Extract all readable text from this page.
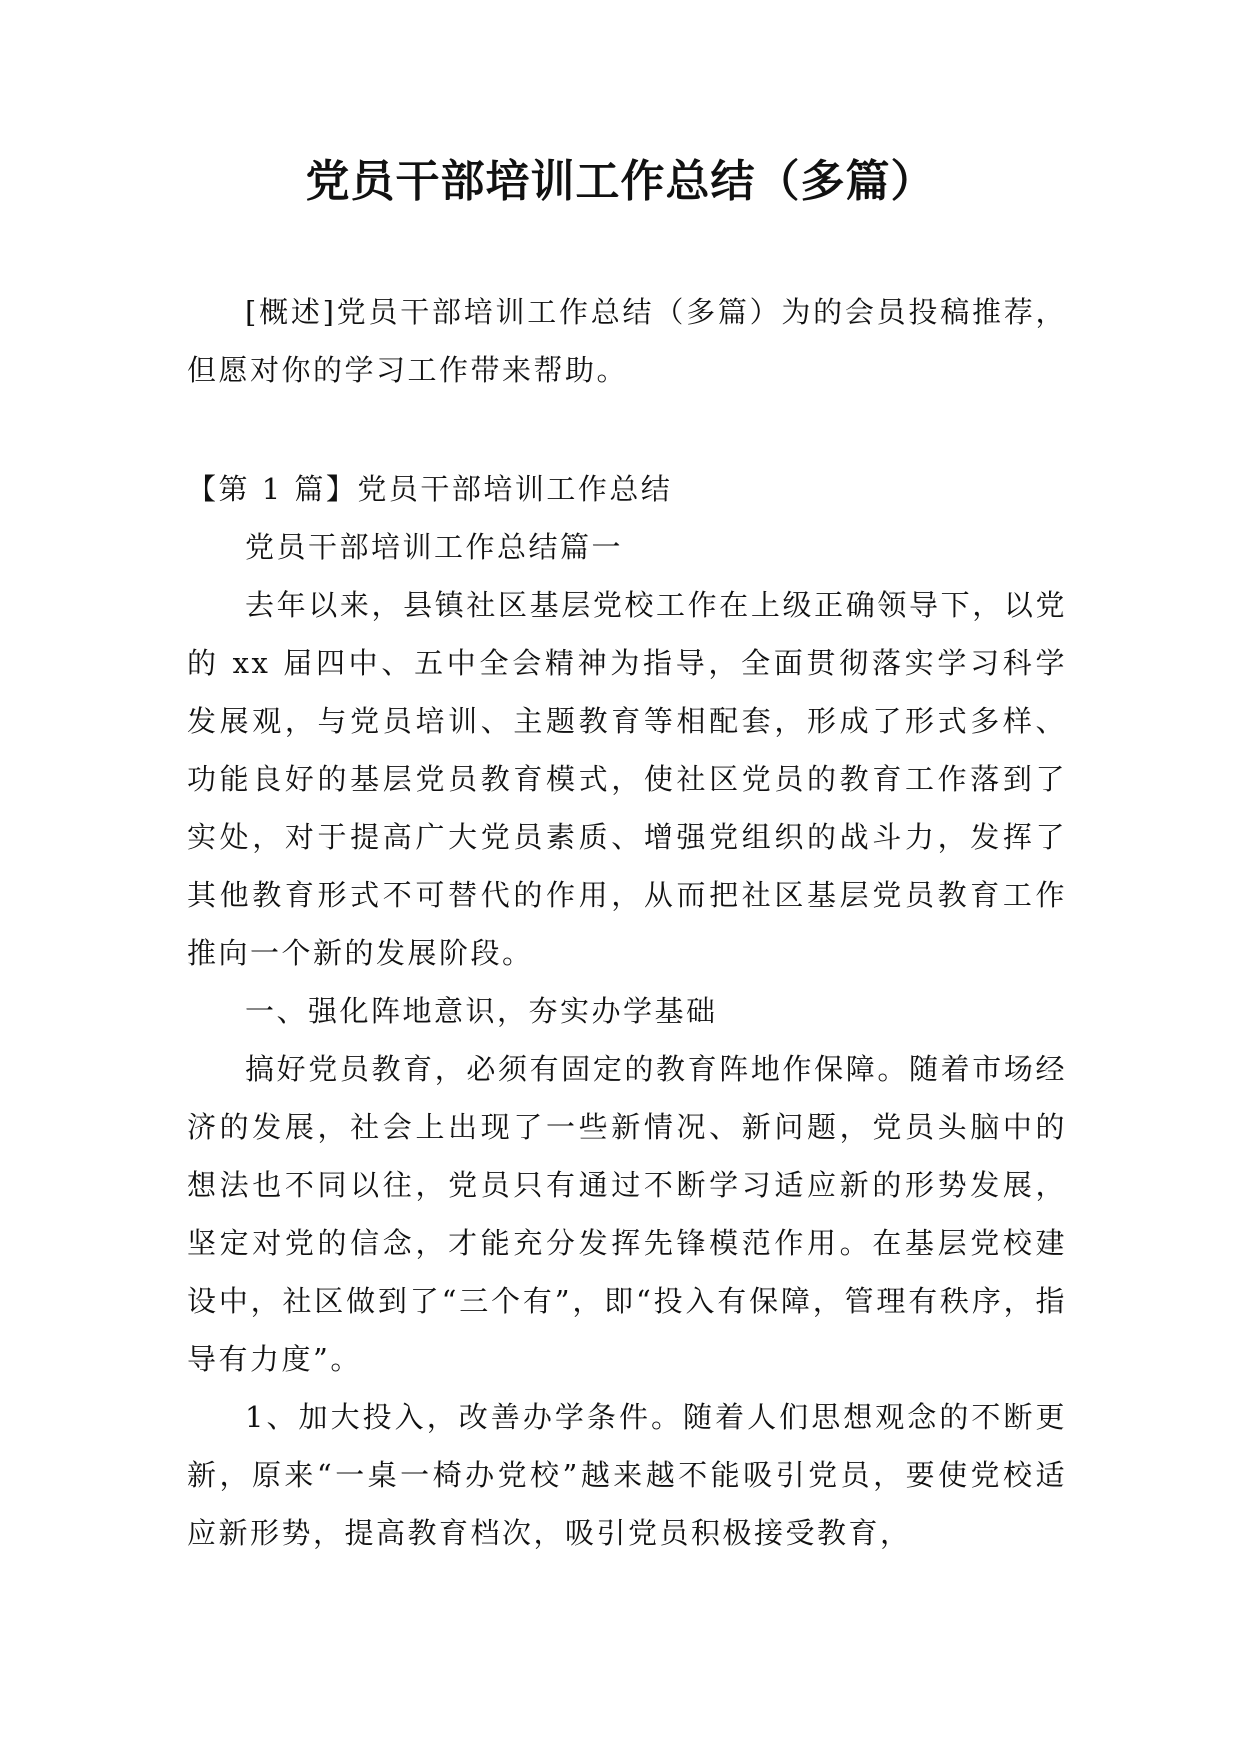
党员干部培训工作总结（多篇）

[概述]党员干部培训工作总结（多篇）为的会员投稿推荐，但愿对你的学习工作带来帮助。

【第 1 篇】党员干部培训工作总结

党员干部培训工作总结篇一

去年以来，县镇社区基层党校工作在上级正确领导下，以党的 xx 届四中、五中全会精神为指导，全面贯彻落实学习科学发展观，与党员培训、主题教育等相配套，形成了形式多样、功能良好的基层党员教育模式，使社区党员的教育工作落到了实处，对于提高广大党员素质、增强党组织的战斗力，发挥了其他教育形式不可替代的作用，从而把社区基层党员教育工作推向一个新的发展阶段。

一、强化阵地意识，夯实办学基础

搞好党员教育，必须有固定的教育阵地作保障。随着市场经济的发展，社会上出现了一些新情况、新问题，党员头脑中的想法也不同以往，党员只有通过不断学习适应新的形势发展，坚定对党的信念，才能充分发挥先锋模范作用。在基层党校建设中，社区做到了“三个有”，即“投入有保障，管理有秩序，指导有力度”。

1、加大投入，改善办学条件。随着人们思想观念的不断更新，原来“一桌一椅办党校”越来越不能吸引党员，要使党校适应新形势，提高教育档次，吸引党员积极接受教育，
